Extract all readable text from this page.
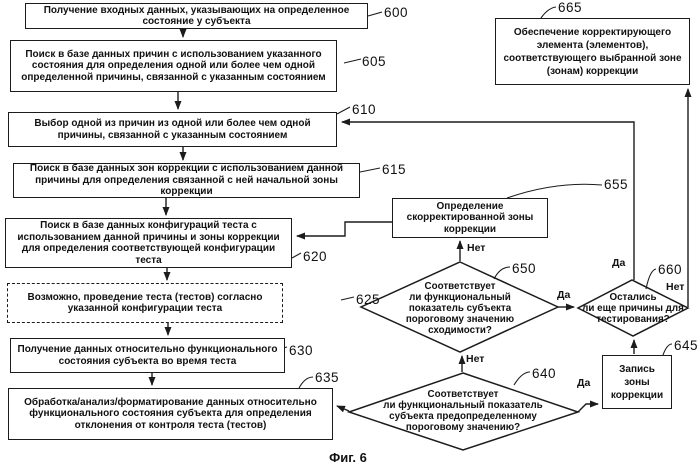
Получение входных данных, указывающих на определенное
состояние у субъекта
Поиск в базе данных причин с использованием указанного
состояния для определения одной или более чем одной
определенной причины, связанной с указанным состоянием
Выбор одной из причин из одной или более чем одной
причины, связанной с указанным состоянием
Поиск в базе данных зон коррекции с использованием данной
причины для определения связанной с ней начальной зоны
коррекции
Поиск в базе данных конфигураций теста с
использованием данной причины и зоны коррекции
для определения соответствующей конфигурации
теста
Возможно, проведение теста (тестов) согласно
указанной конфигурации теста
Получение данных относительно функционального
состояния субъекта во время теста
Обработка/анализ/форматирование данных относительно
функционального состояния субъекта для определения
отклонения от контроля теста (тестов)
Запись
зоны
коррекции
Определение
скорректированной зоны
коррекции
Обеспечение корректирующего
элемента (элементов),
соответствующего выбранной зоне
(зонам) коррекции
Соответствует
ли функциональный
показатель субъекта
пороговому значению
сходимости?
Соответствует
ли функциональный показатель
субъекта предопределенному
пороговому значению?
Остались
ли еще причины для
тестирования?
600
605
610
615
620
625
630
635	640
645
650
655
660
665
Нет
Да
Нет
Да
Да
Нет
Фиг. 6
